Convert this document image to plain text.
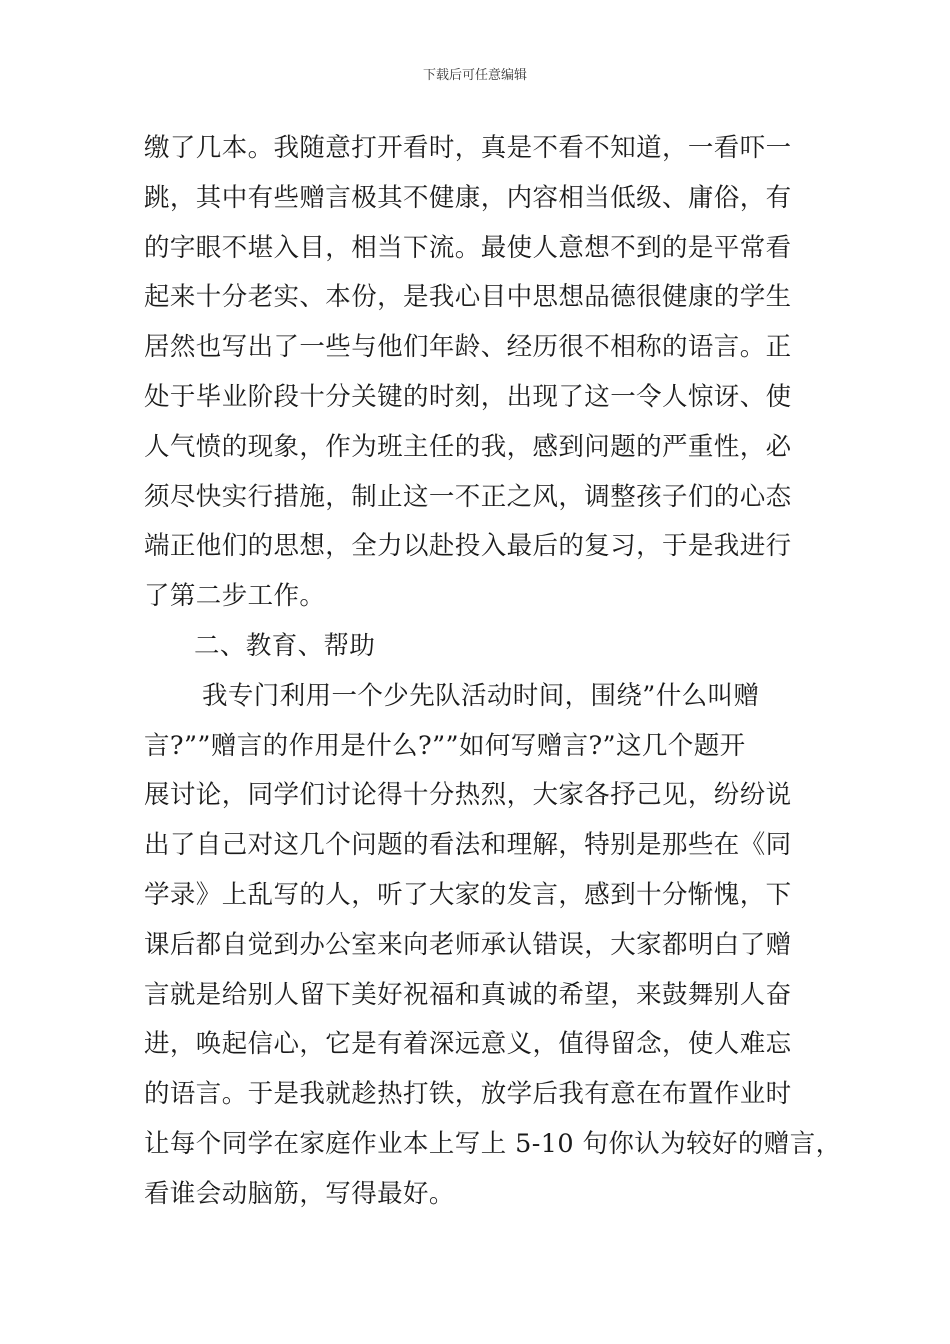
下载后可任意编辑
缴了几本。我随意打开看时，真是不看不知道，一看吓一
跳，其中有些赠言极其不健康，内容相当低级、庸俗，有
的字眼不堪入目，相当下流。最使人意想不到的是平常看
起来十分老实、本份，是我心目中思想品德很健康的学生
居然也写出了一些与他们年龄、经历很不相称的语言。正
处于毕业阶段十分关键的时刻，出现了这一令人惊讶、使
人气愤的现象，作为班主任的我，感到问题的严重性，必
须尽快实行措施，制止这一不正之风，调整孩子们的心态
端正他们的思想，全力以赴投入最后的复习，于是我进行
了第二步工作。
二、教育、帮助
我专门利用一个少先队活动时间，围绕”什么叫赠
言?””赠言的作用是什么?””如何写赠言?”这几个题开
展讨论，同学们讨论得十分热烈，大家各抒己见，纷纷说
出了自己对这几个问题的看法和理解，特别是那些在《同
学录》上乱写的人，听了大家的发言，感到十分惭愧，下
课后都自觉到办公室来向老师承认错误，大家都明白了赠
言就是给别人留下美好祝福和真诚的希望，来鼓舞别人奋
进，唤起信心，它是有着深远意义，值得留念，使人难忘
的语言。于是我就趁热打铁，放学后我有意在布置作业时
让每个同学在家庭作业本上写上 5-10 句你认为较好的赠言，
看谁会动脑筋，写得最好。
